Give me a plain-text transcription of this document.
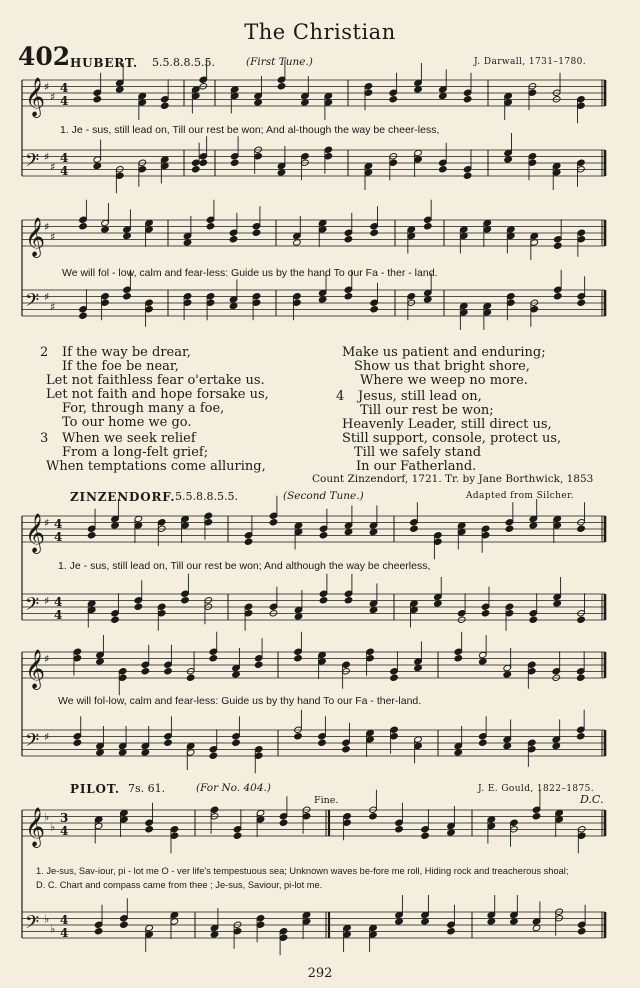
The Christian
402 HUBERT. 5.5.8.8.5.5.	(First Tune.)	J. Darwall, 1731–1780.
𝄞
♯
♯
4
4
𝄢 ♯
♯
4
4
1. Je - sus, still lead on, Till our rest be won; And al-though the way be cheer-less,
𝄞
♯
♯
𝄢 ♯
♯
We will fol - low, calm and fear-less: Guide us by the hand To our Fa - ther - land.
2 If the way be drear,
If the foe be near,
Let not faithless fear o'ertake us.
Let not faith and hope forsake us,
For, through many a foe,
To our home we go.
3 When we seek relief
From a long-felt grief;
When temptations come alluring,
Make us patient and enduring;
Show us that bright shore,
Where we weep no more.
4 Jesus, still lead on,
Till our rest be won;
Heavenly Leader, still direct us,
Still support, console, protect us,
Till we safely stand
In our Fatherland.
Count Zinzendorf, 1721. Tr. by Jane Borthwick, 1853
ZINZENDORF. 5.5.8.8.5.5.	(Second Tune.)	Adapted from Silcher.
𝄞
♯ 4
4
𝄢 ♯ 4
4
1. Je - sus, still lead on, Till our rest be won; And although the way be cheerless,
𝄞
♯
𝄢 ♯
We will fol-low, calm and fear-less: Guide us by thy hand To our Fa - ther-land.
PILOT. 7s. 61.	(For No. 404.)	J. E. Gould, 1822–1875.
Fine.	D.C.
𝄞
♭
♭
3
4
𝄢 ♭
♭
4
4
1. Je-sus, Sav-iour, pi - lot me O - ver life's tempestuous sea; Unknown waves be-fore me roll, Hiding rock and treacherous shoal;
D. C. Chart and compass came from thee ; Je-sus, Saviour, pi-lot me.
292
